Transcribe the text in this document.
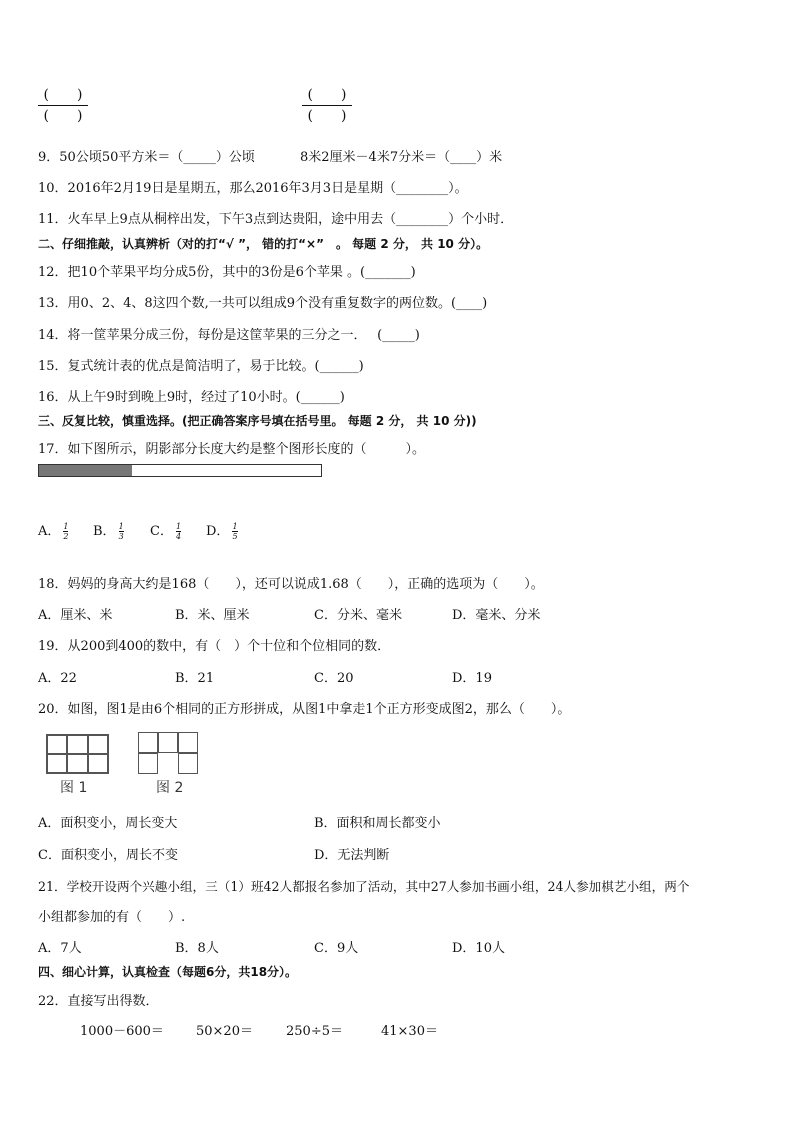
(　　)
(　　)
(　　)
(　　)
9．50公顷50平方米＝（_____）公顷	8米2厘米－4米7分米＝（____）米
10．2016年2月19日是星期五，那么2016年3月3日是星期（________）。
11．火车早上9点从桐梓出发，下午3点到达贵阳，途中用去（________）个小时．
二、仔细推敲，认真辨析（对的打“√ ”， 错的打“×”　。 每题 2 分， 共 10 分）。
12．把10个苹果平均分成5份，其中的3份是6个苹果 。(_______)
13．用0、2、4、8这四个数,一共可以组成9个没有重复数字的两位数。(____)
14．将一筐苹果分成三份，每份是这筐苹果的三分之一．　 (_____)
15．复式统计表的优点是简洁明了，易于比较。(______)
16．从上午9时到晚上9时，经过了10小时。(______)
三、反复比较，慎重选择。(把正确答案序号填在括号里。 每题 2 分， 共 10 分))
17．如下图所示，阴影部分长度大约是整个图形长度的（　　　）。
A． $\frac{1}{2}$ B． $\frac{1}{3}$ C． $\frac{1}{4}$ D． $\frac{1}{5}$
18．妈妈的身高大约是168（　　），还可以说成1.68（　　），正确的选项为（　　）。
A．厘米、米	B．米、厘米	C．分米、毫米	D．毫米、分米
19．从200到400的数中，有（　）个十位和个位相同的数．
A．22	B．21	C．20	D．19
20．如图，图1是由6个相同的正方形拼成，从图1中拿走1个正方形变成图2，那么（　　）。
图 1	图 2
A．面积变小，周长变大	B．面积和周长都变小
C．面积变小，周长不变	D．无法判断
21．学校开设两个兴趣小组，三（1）班42人都报名参加了活动，其中27人参加书画小组，24人参加棋艺小组，两个
小组都参加的有（　　）.
A．7人	B．8人	C．9人	D．10人
四、细心计算，认真检查（每题6分，共18分）。
22．直接写出得数．
1000－600＝ 50×20＝	250÷5＝	41×30＝
